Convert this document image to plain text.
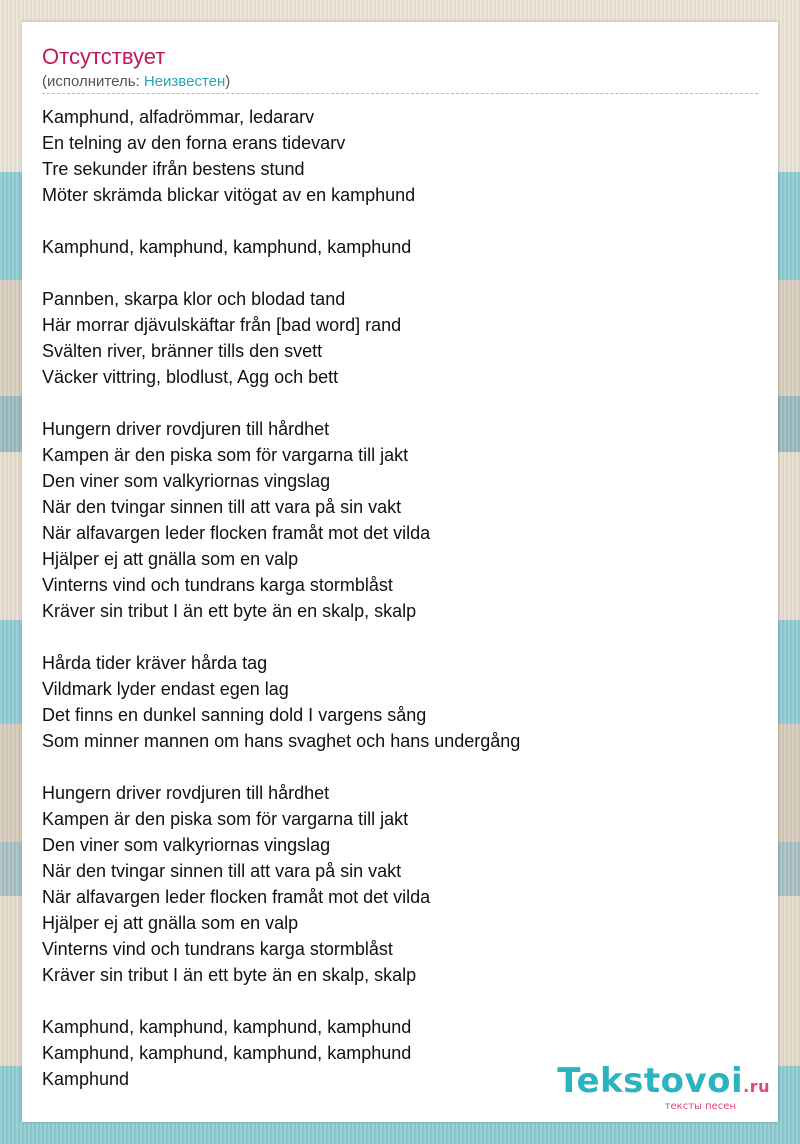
Отсутствует
(исполнитель: Неизвестен)
Kamphund, alfadrömmar, ledararv
En telning av den forna erans tidevarv
Tre sekunder ifrån bestens stund
Möter skrämda blickar vitögat av en kamphund
Kamphund, kamphund, kamphund, kamphund
Pannben, skarpa klor och blodad tand
Här morrar djävulskäftar från [bad word] rand
Svälten river, bränner tills den svett
Väcker vittring, blodlust, Agg och bett
Hungern driver rovdjuren till hårdhet
Kampen är den piska som för vargarna till jakt
Den viner som valkyriornas vingslag
När den tvingar sinnen till att vara på sin vakt
När alfavargen leder flocken framåt mot det vilda
Hjälper ej att gnälla som en valp
Vinterns vind och tundrans karga stormblåst
Kräver sin tribut I än ett byte än en skalp, skalp
Hårda tider kräver hårda tag
Vildmark lyder endast egen lag
Det finns en dunkel sanning dold I vargens sång
Som minner mannen om hans svaghet och hans undergång
Hungern driver rovdjuren till hårdhet
Kampen är den piska som för vargarna till jakt
Den viner som valkyriornas vingslag
När den tvingar sinnen till att vara på sin vakt
När alfavargen leder flocken framåt mot det vilda
Hjälper ej att gnälla som en valp
Vinterns vind och tundrans karga stormblåst
Kräver sin tribut I än ett byte än en skalp, skalp
Kamphund, kamphund, kamphund, kamphund
Kamphund, kamphund, kamphund, kamphund
Kamphund	Tekstovoi.ru
тексты песен
